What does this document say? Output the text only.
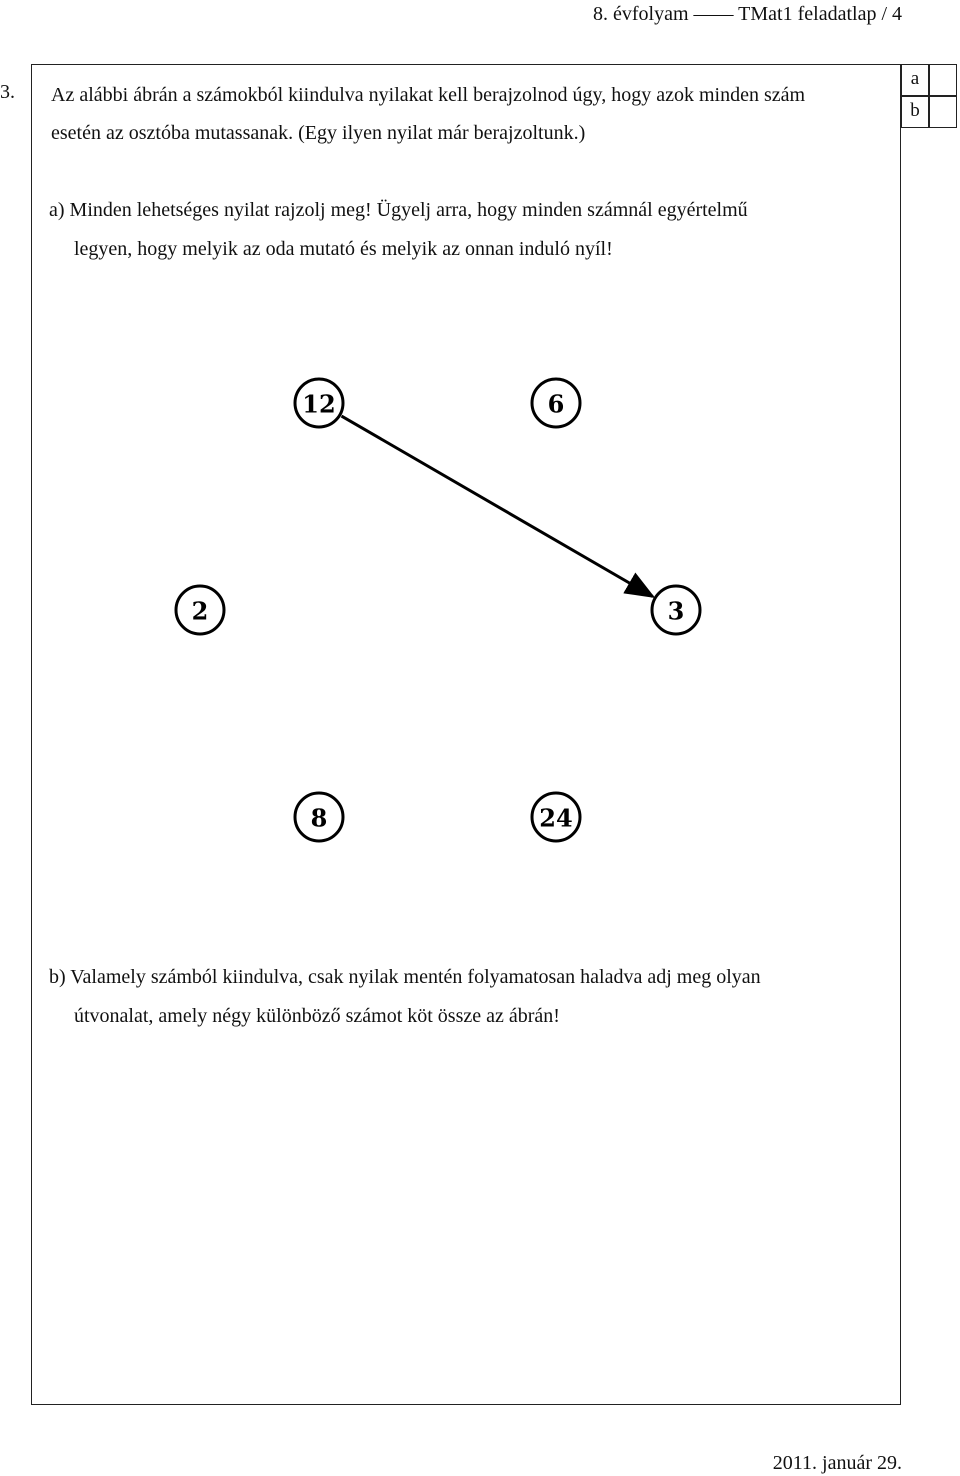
8. évfolyam —— TMat1 feladatlap / 4
3. Az alábbi ábrán a számokból kiindulva nyilakat kell berajzolnod úgy, hogy azok minden szám
esetén az osztóba mutassanak. (Egy ilyen nyilat már berajzoltunk.)
a
b
a) Minden lehetséges nyilat rajzolj meg! Ügyelj arra, hogy minden számnál egyértelmű
legyen, hogy melyik az oda mutató és melyik az onnan induló nyíl!
12	6
2	3
8	24
b) Valamely számból kiindulva, csak nyilak mentén folyamatosan haladva adj meg olyan
útvonalat, amely négy különböző számot köt össze az ábrán!
2011. január 29.
